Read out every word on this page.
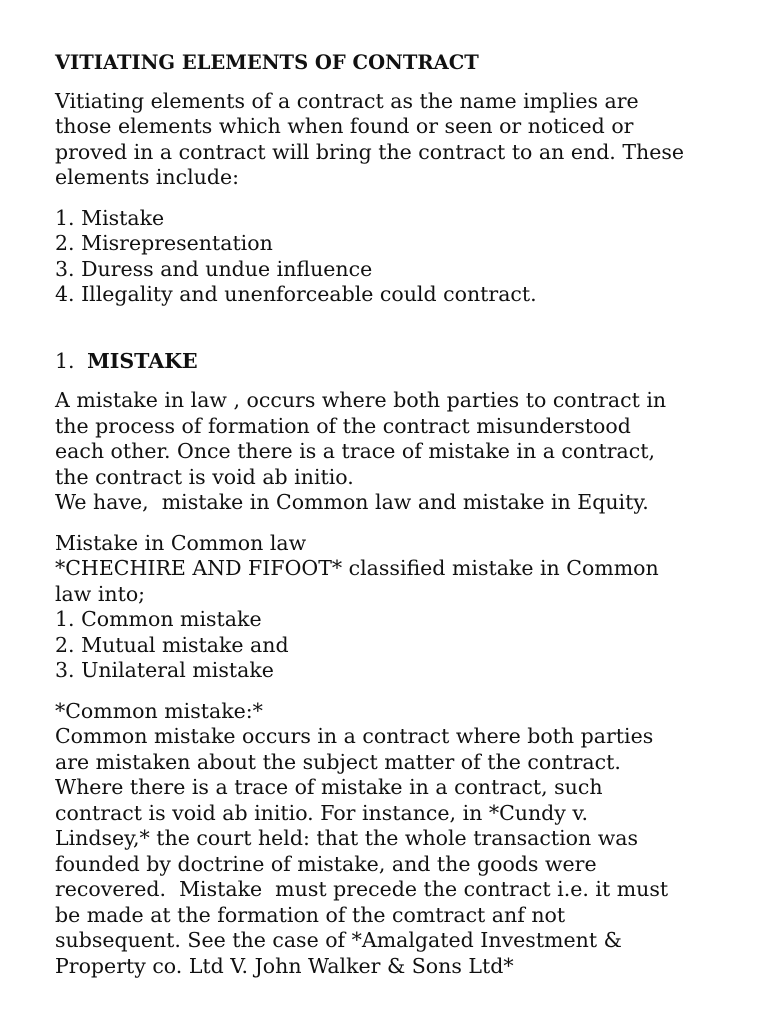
VITIATING ELEMENTS OF CONTRACT
Vitiating elements of a contract as the name implies are
those elements which when found or seen or noticed or
proved in a contract will bring the contract to an end. These
elements include:
1. Mistake
2. Misrepresentation
3. Duress and undue influence
4. Illegality and unenforceable could contract.
1. MISTAKE
A mistake in law , occurs where both parties to contract in
the process of formation of the contract misunderstood
each other. Once there is a trace of mistake in a contract,
the contract is void ab initio.
We have,  mistake in Common law and mistake in Equity.
Mistake in Common law
*CHECHIRE AND FIFOOT* classified mistake in Common
law into;
1. Common mistake
2. Mutual mistake and
3. Unilateral mistake
*Common mistake:*
Common mistake occurs in a contract where both parties
are mistaken about the subject matter of the contract.
Where there is a trace of mistake in a contract, such
contract is void ab initio. For instance, in *Cundy v.
Lindsey,* the court held: that the whole transaction was
founded by doctrine of mistake, and the goods were
recovered.  Mistake  must precede the contract i.e. it must
be made at the formation of the comtract anf not
subsequent. See the case of *Amalgated Investment &
Property co. Ltd V. John Walker & Sons Ltd*
